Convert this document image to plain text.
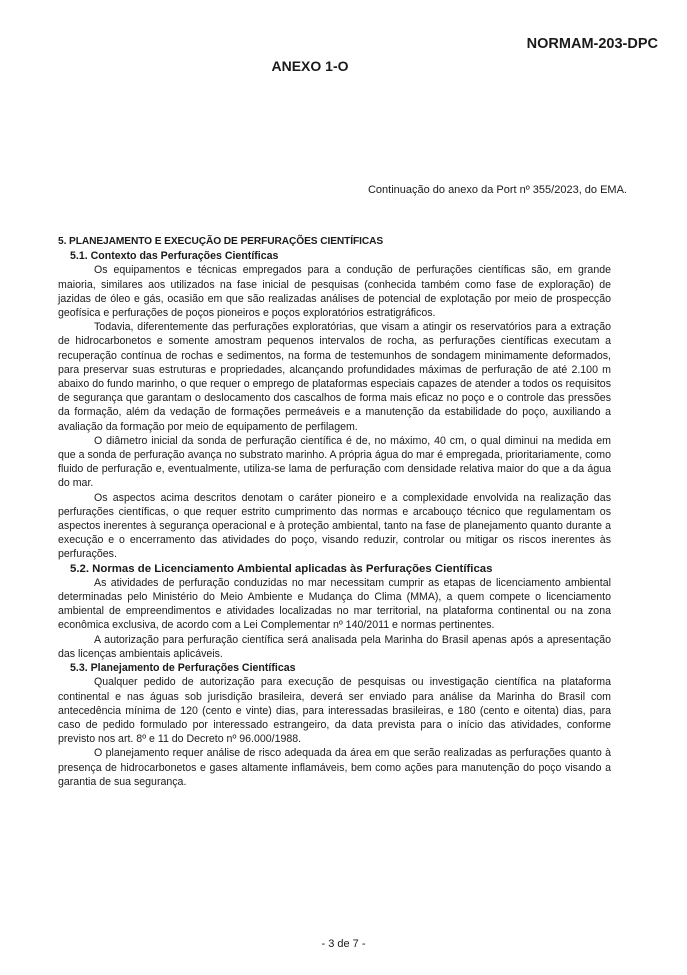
NORMAM-203-DPC
ANEXO 1-O
Continuação do anexo da Port nº 355/2023, do EMA.

5. PLANEJAMENTO E EXECUÇÃO DE PERFURAÇÕES CIENTÍFICAS

5.1. Contexto das Perfurações Científicas

Os equipamentos e técnicas empregados para a condução de perfurações científicas são, em grande maioria, similares aos utilizados na fase inicial de pesquisas (conhecida também como fase de exploração) de jazidas de óleo e gás, ocasião em que são realizadas análises de potencial de explotação por meio de prospecção geofísica e perfurações de poços pioneiros e poços exploratórios estratigráficos.

Todavia, diferentemente das perfurações exploratórias, que visam a atingir os reservatórios para a extração de hidrocarbonetos e somente amostram pequenos intervalos de rocha, as perfurações científicas executam a recuperação contínua de rochas e sedimentos, na forma de testemunhos de sondagem minimamente deformados, para preservar suas estruturas e propriedades, alcançando profundidades máximas de perfuração de até 2.100 m abaixo do fundo marinho, o que requer o emprego de plataformas especiais capazes de atender a todos os requisitos de segurança que garantam o deslocamento dos cascalhos de forma mais eficaz no poço e o controle das pressões da formação, além da vedação de formações permeáveis e a manutenção da estabilidade do poço, auxiliando a avaliação da formação por meio de equipamento de perfilagem.

O diâmetro inicial da sonda de perfuração científica é de, no máximo, 40 cm, o qual diminui na medida em que a sonda de perfuração avança no substrato marinho. A própria água do mar é empregada, prioritariamente, como fluido de perfuração e, eventualmente, utiliza-se lama de perfuração com densidade relativa maior do que a da água do mar.

Os aspectos acima descritos denotam o caráter pioneiro e a complexidade envolvida na realização das perfurações científicas, o que requer estrito cumprimento das normas e arcabouço técnico que regulamentam os aspectos inerentes à segurança operacional e à proteção ambiental, tanto na fase de planejamento quanto durante a execução e o encerramento das atividades do poço, visando reduzir, controlar ou mitigar os riscos inerentes às perfurações.

5.2. Normas de Licenciamento Ambiental aplicadas às Perfurações Científicas

As atividades de perfuração conduzidas no mar necessitam cumprir as etapas de licenciamento ambiental determinadas pelo Ministério do Meio Ambiente e Mudança do Clima (MMA), a quem compete o licenciamento ambiental de empreendimentos e atividades localizadas no mar territorial, na plataforma continental ou na zona econômica exclusiva, de acordo com a Lei Complementar nº 140/2011 e normas pertinentes.

A autorização para perfuração científica será analisada pela Marinha do Brasil apenas após a apresentação das licenças ambientais aplicáveis.

5.3. Planejamento de Perfurações Científicas

Qualquer pedido de autorização para execução de pesquisas ou investigação científica na plataforma continental e nas águas sob jurisdição brasileira, deverá ser enviado para análise da Marinha do Brasil com antecedência mínima de 120 (cento e vinte) dias, para interessadas brasileiras, e 180 (cento e oitenta) dias, para caso de pedido formulado por interessado estrangeiro, da data prevista para o início das atividades, conforme previsto nos art. 8º e 11 do Decreto nº 96.000/1988.

O planejamento requer análise de risco adequada da área em que serão realizadas as perfurações quanto à presença de hidrocarbonetos e gases altamente inflamáveis, bem como ações para manutenção do poço visando a garantia de sua segurança.

- 3 de 7 -
